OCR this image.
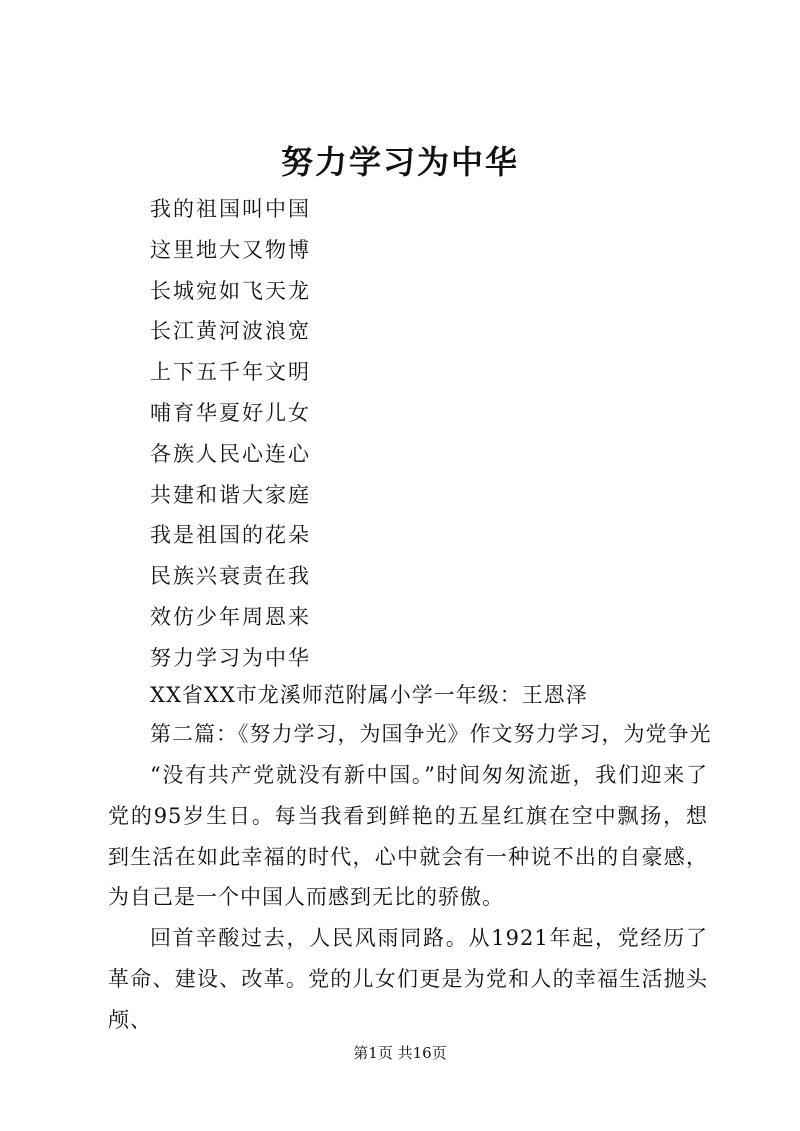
努力学习为中华
我的祖国叫中国
这里地大又物博
长城宛如飞天龙
长江黄河波浪宽
上下五千年文明
哺育华夏好儿女
各族人民心连心
共建和谐大家庭
我是祖国的花朵
民族兴衰责在我
效仿少年周恩来
努力学习为中华
XX省XX市龙溪师范附属小学一年级：王恩泽
第二篇：《努力学习，为国争光》作文努力学习，为党争光

“没有共产党就没有新中国。”时间匆匆流逝，我们迎来了党的95岁生日。每当我看到鲜艳的五星红旗在空中飘扬，想到生活在如此幸福的时代，心中就会有一种说不出的自豪感，为自己是一个中国人而感到无比的骄傲。

回首辛酸过去，人民风雨同路。从1921年起，党经历了革命、建设、改革。党的儿女们更是为党和人的幸福生活抛头颅、

第1页 共16页
